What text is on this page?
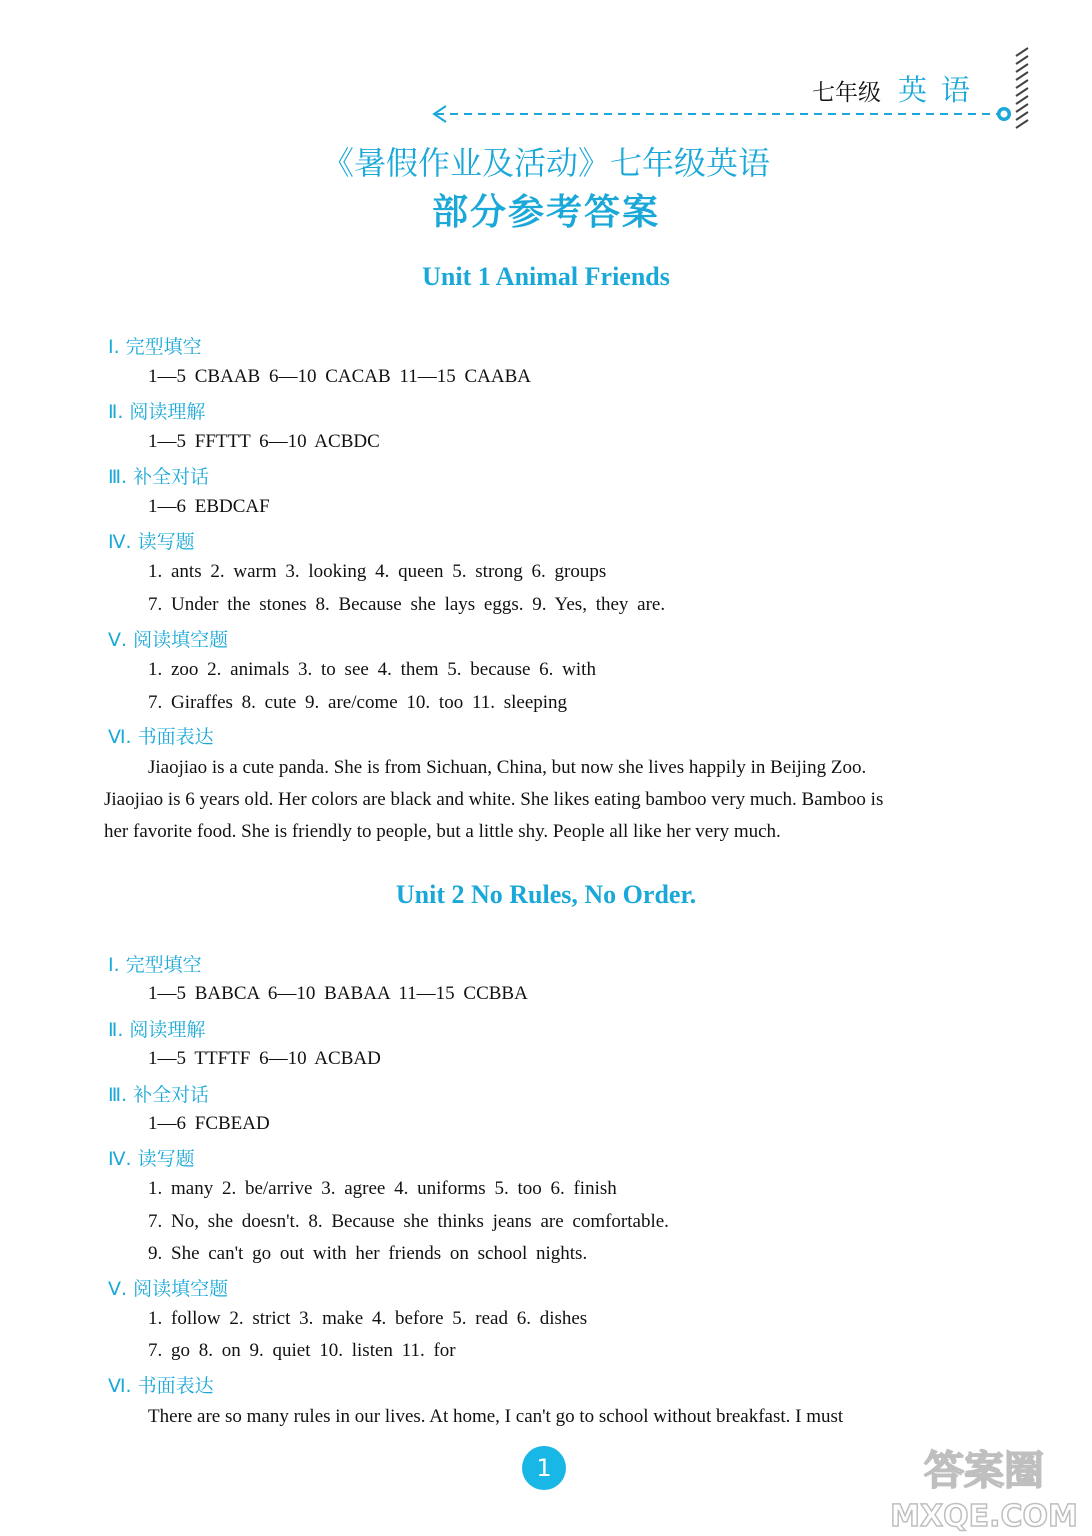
七年级 英语
《暑假作业及活动》七年级英语
部分参考答案
Unit 1 Animal Friends
Ⅰ. 完型填空
1—5 CBAAB 6—10 CACAB 11—15 CAABA
Ⅱ. 阅读理解
1—5 FFTTT 6—10 ACBDC
Ⅲ. 补全对话
1—6 EBDCAF
Ⅳ. 读写题
1. ants 2. warm 3. looking 4. queen 5. strong 6. groups
7. Under the stones 8. Because she lays eggs. 9. Yes, they are.
Ⅴ. 阅读填空题
1. zoo 2. animals 3. to see 4. them 5. because 6. with
7. Giraffes 8. cute 9. are/come 10. too 11. sleeping
Ⅵ. 书面表达
Jiaojiao is a cute panda. She is from Sichuan, China, but now she lives happily in Beijing Zoo.
Jiaojiao is 6 years old. Her colors are black and white. She likes eating bamboo very much. Bamboo is
her favorite food. She is friendly to people, but a little shy. People all like her very much.
Unit 2 No Rules, No Order.
Ⅰ. 完型填空
1—5 BABCA 6—10 BABAA 11—15 CCBBA
Ⅱ. 阅读理解
1—5 TTFTF 6—10 ACBAD
Ⅲ. 补全对话
1—6 FCBEAD
Ⅳ. 读写题
1. many 2. be/arrive 3. agree 4. uniforms 5. too 6. finish
7. No, she doesn't. 8. Because she thinks jeans are comfortable.
9. She can't go out with her friends on school nights.
Ⅴ. 阅读填空题
1. follow 2. strict 3. make 4. before 5. read 6. dishes
7. go 8. on 9. quiet 10. listen 11. for
Ⅵ. 书面表达
There are so many rules in our lives. At home, I can't go to school without breakfast. I must
1	答案圈
MXQE.COM
